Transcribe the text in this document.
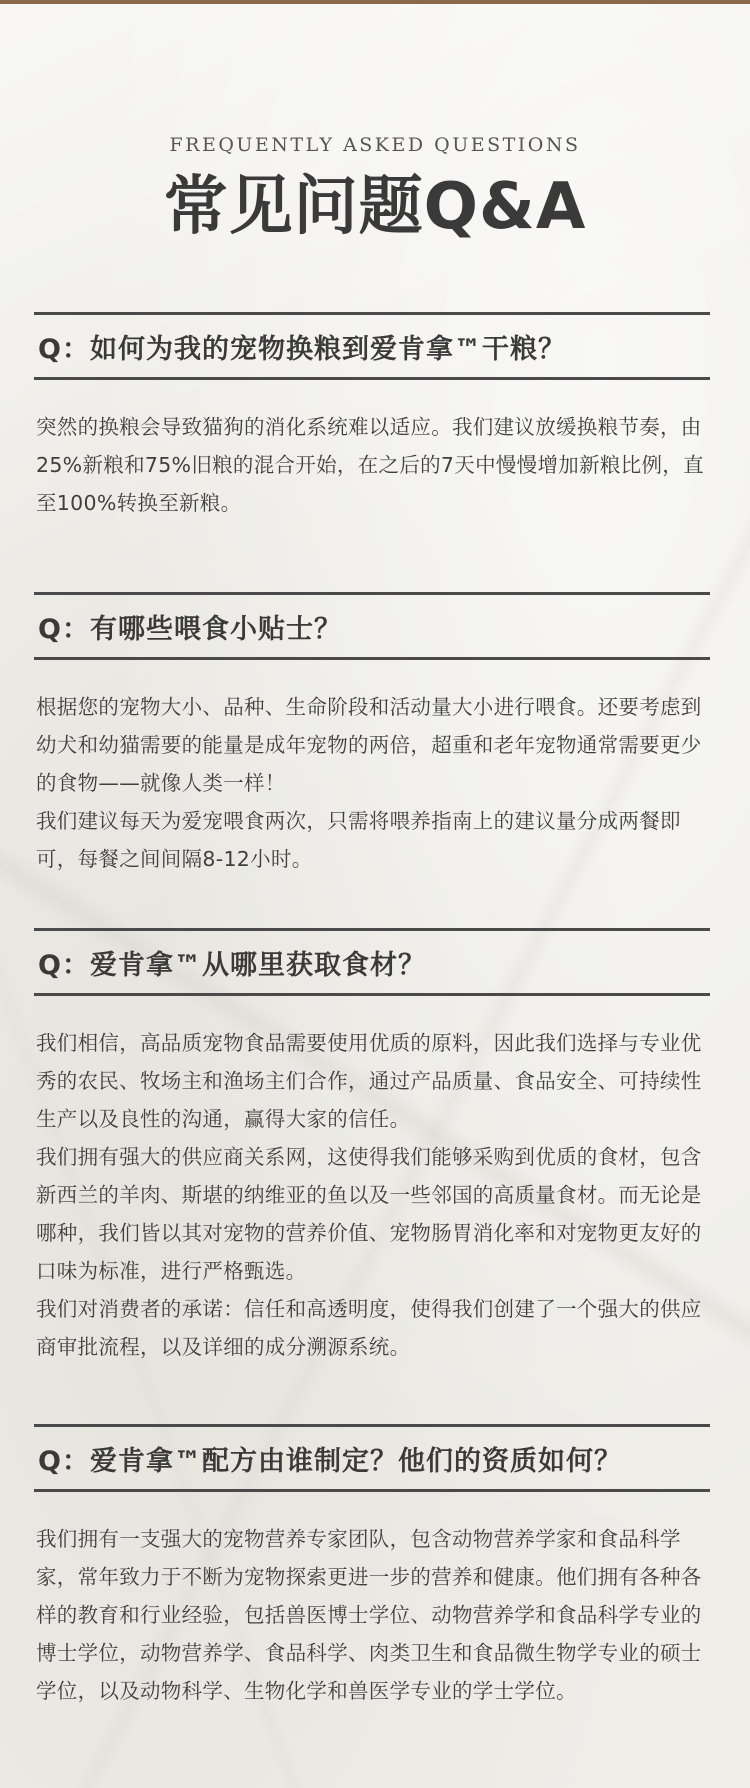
FREQUENTLY ASKED QUESTIONS
常见问题Q&A
Q：如何为我的宠物换粮到爱肯拿™干粮？

突然的换粮会导致猫狗的消化系统难以适应。我们建议放缓换粮节奏，由25%新粮和75%旧粮的混合开始，在之后的7天中慢慢增加新粮比例，直至100%转换至新粮。

Q：有哪些喂食小贴士？

根据您的宠物大小、品种、生命阶段和活动量大小进行喂食。还要考虑到幼犬和幼猫需要的能量是成年宠物的两倍，超重和老年宠物通常需要更少的食物——就像人类一样！

我们建议每天为爱宠喂食两次，只需将喂养指南上的建议量分成两餐即可，每餐之间间隔8-12小时。

Q：爱肯拿™从哪里获取食材？

我们相信，高品质宠物食品需要使用优质的原料，因此我们选择与专业优秀的农民、牧场主和渔场主们合作，通过产品质量、食品安全、可持续性生产以及良性的沟通，赢得大家的信任。

我们拥有强大的供应商关系网，这使得我们能够采购到优质的食材，包含新西兰的羊肉、斯堪的纳维亚的鱼以及一些邻国的高质量食材。而无论是哪种，我们皆以其对宠物的营养价值、宠物肠胃消化率和对宠物更友好的口味为标准，进行严格甄选。

我们对消费者的承诺：信任和高透明度，使得我们创建了一个强大的供应商审批流程，以及详细的成分溯源系统。

Q：爱肯拿™配方由谁制定？他们的资质如何？

我们拥有一支强大的宠物营养专家团队，包含动物营养学家和食品科学家，常年致力于不断为宠物探索更进一步的营养和健康。他们拥有各种各样的教育和行业经验，包括兽医博士学位、动物营养学和食品科学专业的博士学位，动物营养学、食品科学、肉类卫生和食品微生物学专业的硕士学位，以及动物科学、生物化学和兽医学专业的学士学位。
